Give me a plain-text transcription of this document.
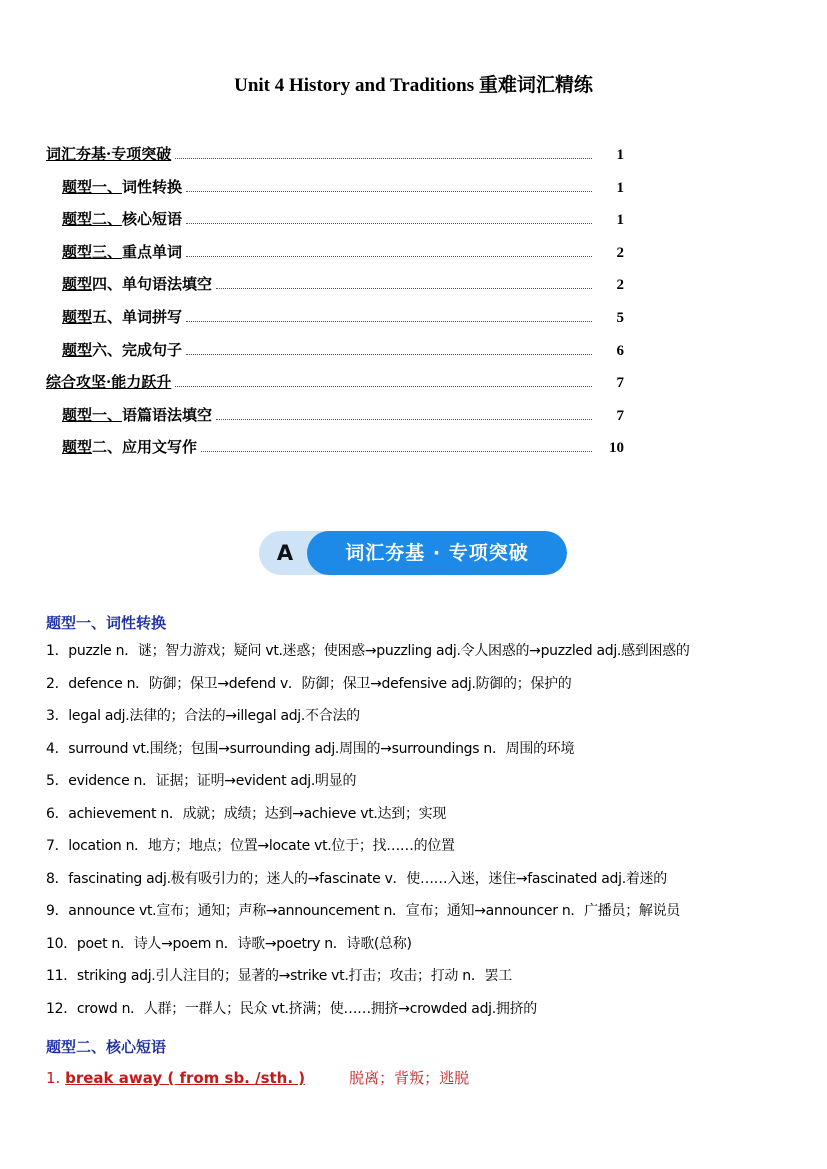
Unit 4 History and Traditions 重难词汇精练
词汇夯基·专项突破	1
题型一、词性转换	1
题型二、核心短语	1
题型三、重点单词	2
题型四、单句语法填空	2
题型五、单词拼写	5
题型六、完成句子	6
综合攻坚·能力跃升	7
题型一、语篇语法填空	7
题型二、应用文写作	10
A	词汇夯基 · 专项突破
题型一、词性转换
1．puzzle n．谜；智力游戏；疑问 vt.迷惑；使困惑→puzzling adj.令人困惑的→puzzled adj.感到困惑的
2．defence n．防御；保卫→defend v．防御；保卫→defensive adj.防御的；保护的
3．legal adj.法律的；合法的→illegal adj.不合法的
4．surround vt.围绕；包围→surrounding adj.周围的→surroundings n．周围的环境
5．evidence n．证据；证明→evident adj.明显的
6．achievement n．成就；成绩；达到→achieve vt.达到；实现
7．location n．地方；地点；位置→locate vt.位于；找……的位置
8．fascinating adj.极有吸引力的；迷人的→fascinate v．使……入迷，迷住→fascinated adj.着迷的
9．announce vt.宣布；通知；声称→announcement n．宣布；通知→announcer n．广播员；解说员
10．poet n．诗人→poem n．诗歌→poetry n．诗歌(总称)
11．striking adj.引人注目的；显著的→strike vt.打击；攻击；打动 n．罢工
12．crowd n．人群；一群人；民众 vt.挤满；使……拥挤→crowded adj.拥挤的
题型二、核心短语
1. break away ( from sb. /sth. )	脱离；背叛；逃脱
